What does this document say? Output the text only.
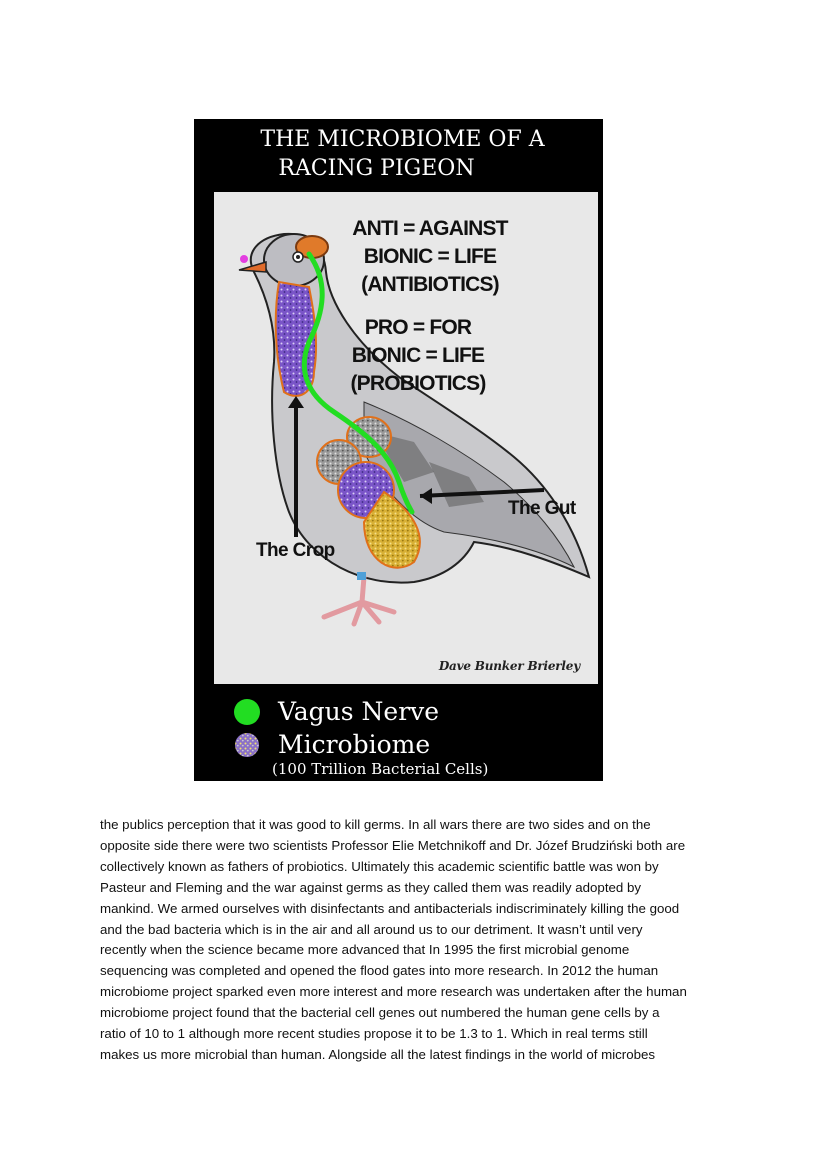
THE MICROBIOME OF A
RACING PIGEON
ANTI = AGAINST
BIONIC = LIFE
(ANTIBIOTICS)
PRO = FOR
BIONIC = LIFE
(PROBIOTICS)
The Gut
The Crop
Dave Bunker Brierley
Vagus Nerve
Microbiome
(100 Trillion Bacterial Cells)
the publics perception that it was good to kill germs. In all wars there are two sides and on the
opposite side there were two scientists Professor Elie Metchnikoff and Dr. Józef Brudziński both are
collectively known as fathers of probiotics. Ultimately this academic scientific battle was won by
Pasteur and Fleming and the war against germs as they called them was readily adopted by
mankind. We armed ourselves with disinfectants and antibacterials indiscriminately killing the good
and the bad bacteria which is in the air and all around us to our detriment. It wasn’t until very
recently when the science became more advanced that In 1995 the first microbial genome
sequencing was completed and opened the flood gates into more research. In 2012 the human
microbiome project sparked even more interest and more research was undertaken after the human
microbiome project found that the bacterial cell genes out numbered the human gene cells by a
ratio of 10 to 1 although more recent studies propose it to be 1.3 to 1. Which in real terms still
makes us more microbial than human. Alongside all the latest findings in the world of microbes
